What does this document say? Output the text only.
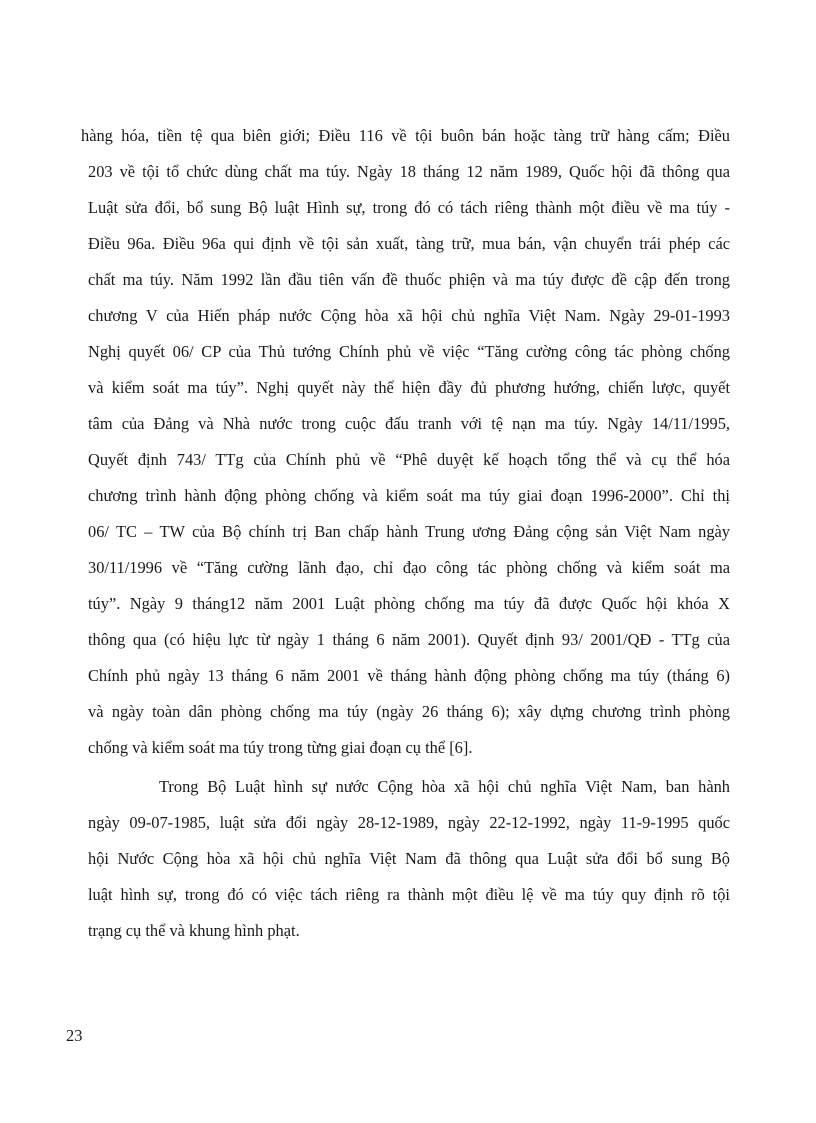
hàng hóa, tiền tệ qua biên giới; Điều 116 về tội buôn bán hoặc tàng trữ hàng cấm; Điều

203 về tội tổ chức dùng chất ma túy. Ngày 18 tháng 12 năm 1989, Quốc hội đã thông qua

Luật sửa đổi, bổ sung Bộ luật Hình sự, trong đó có tách riêng thành một điều về ma túy -

Điều 96a. Điều 96a qui định về tội sản xuất, tàng trữ, mua bán, vận chuyển trái phép các

chất ma túy. Năm 1992 lần đầu tiên vấn đề thuốc phiện và ma túy được đề cập đến trong

chương V của Hiến pháp nước Cộng hòa xã hội chủ nghĩa Việt Nam. Ngày 29-01-1993

Nghị quyết 06/ CP của Thủ tướng Chính phủ về việc “Tăng cường công tác phòng chống

và kiểm soát ma túy”. Nghị quyết này thể hiện đầy đủ phương hướng, chiến lược, quyết

tâm của Đảng và Nhà nước trong cuộc đấu tranh với tệ nạn ma túy. Ngày 14/11/1995,

Quyết định 743/ TTg của Chính phủ về “Phê duyệt kế hoạch tổng thể và cụ thể hóa

chương trình hành động phòng chống và kiểm soát ma túy giai đoạn 1996-2000”. Chỉ thị

06/ TC – TW của Bộ chính trị Ban chấp hành Trung ương Đảng cộng sản Việt Nam ngày

30/11/1996 về “Tăng cường lãnh đạo, chỉ đạo công tác phòng chống và kiểm soát ma

túy”. Ngày 9 tháng12 năm 2001 Luật phòng chống ma túy đã được Quốc hội khóa X

thông qua (có hiệu lực từ ngày 1 tháng 6 năm 2001). Quyết định 93/ 2001/QĐ - TTg của

Chính phủ ngày 13 tháng 6 năm 2001 về tháng hành động phòng chống ma túy (tháng 6)

và ngày toàn dân phòng chống ma túy (ngày 26 tháng 6); xây dựng chương trình phòng

chống và kiểm soát ma túy trong từng giai đoạn cụ thể [6].

Trong Bộ Luật hình sự nước Cộng hòa xã hội chủ nghĩa Việt Nam, ban hành

ngày 09-07-1985, luật sửa đổi ngày 28-12-1989, ngày 22-12-1992, ngày 11-9-1995 quốc

hội Nước Cộng hòa xã hội chủ nghĩa Việt Nam đã thông qua Luật sửa đổi bổ sung Bộ

luật hình sự, trong đó có việc tách riêng ra thành một điều lệ về ma túy quy định rõ tội

trạng cụ thể và khung hình phạt.

23
